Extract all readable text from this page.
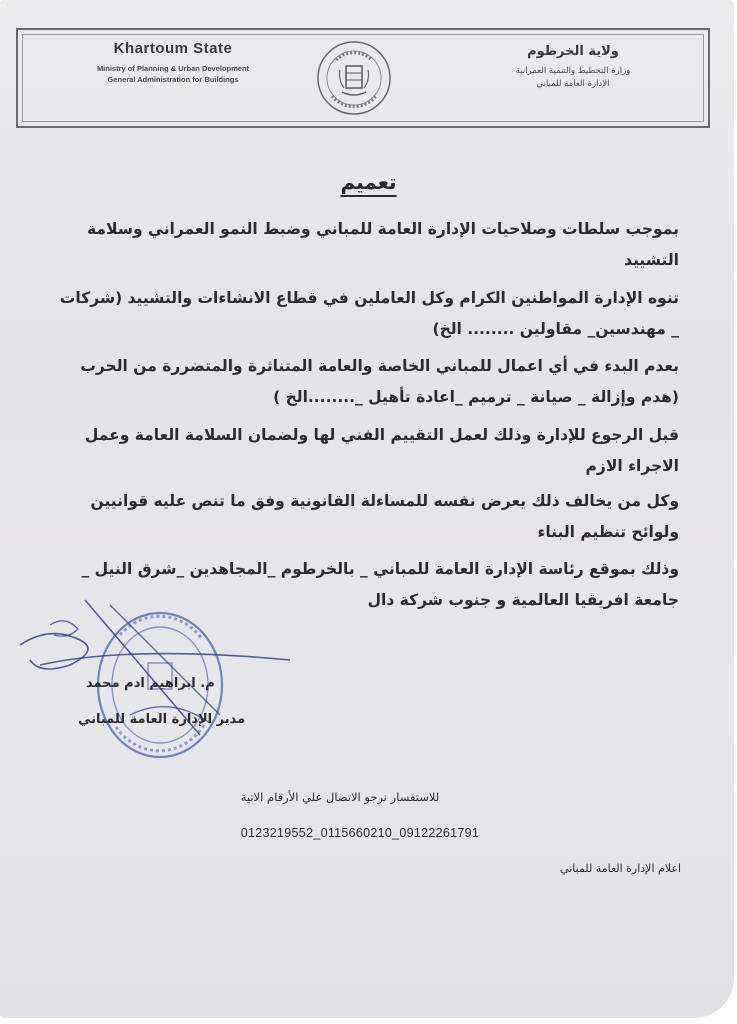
Khartoum State
Ministry of Planning & Urban Development
General Administration for Buildings
ولاية الخرطوم
وزارة التخطيط والتنمية العمرانية
الإدارة العامة للمباني
تعميم
بموجب سلطات وصلاحيات الإدارة العامة للمباني وضبط النمو العمراني وسلامة التشييد
تنوه الإدارة المواطنين الكرام وكل العاملين في قطاع الانشاءات والتشييد (شركات _ مهندسين_ مقاولين ........ الخ)
بعدم البدء في أي اعمال للمباني الخاصة والعامة المتناثرة والمتضررة من الحرب (هدم وإزالة _ صيانة _ ترميم _اعادة تأهيل _........الخ )
قبل الرجوع للإدارة وذلك لعمل التقييم الفني لها ولضمان السلامة العامة وعمل الاجراء الازم
وكل من يخالف ذلك يعرض نفسه للمساءلة القانونية وفق ما تنص عليه قوانيين ولوائح تنظيم البناء
وذلك بموقع رئاسة الإدارة العامة للمباني _ بالخرطوم _المجاهدين _شرق النيل _ جامعة افريقيا العالمية و جنوب شركة دال
م. ابراهيم ادم محمد
مدير الإدارة العامة للمباني
للاستفسار نرجو الاتصال علي الأرقام الاتية
0123219552_0115660210_09122261791
اعلام الإدارة العامة للمباني
